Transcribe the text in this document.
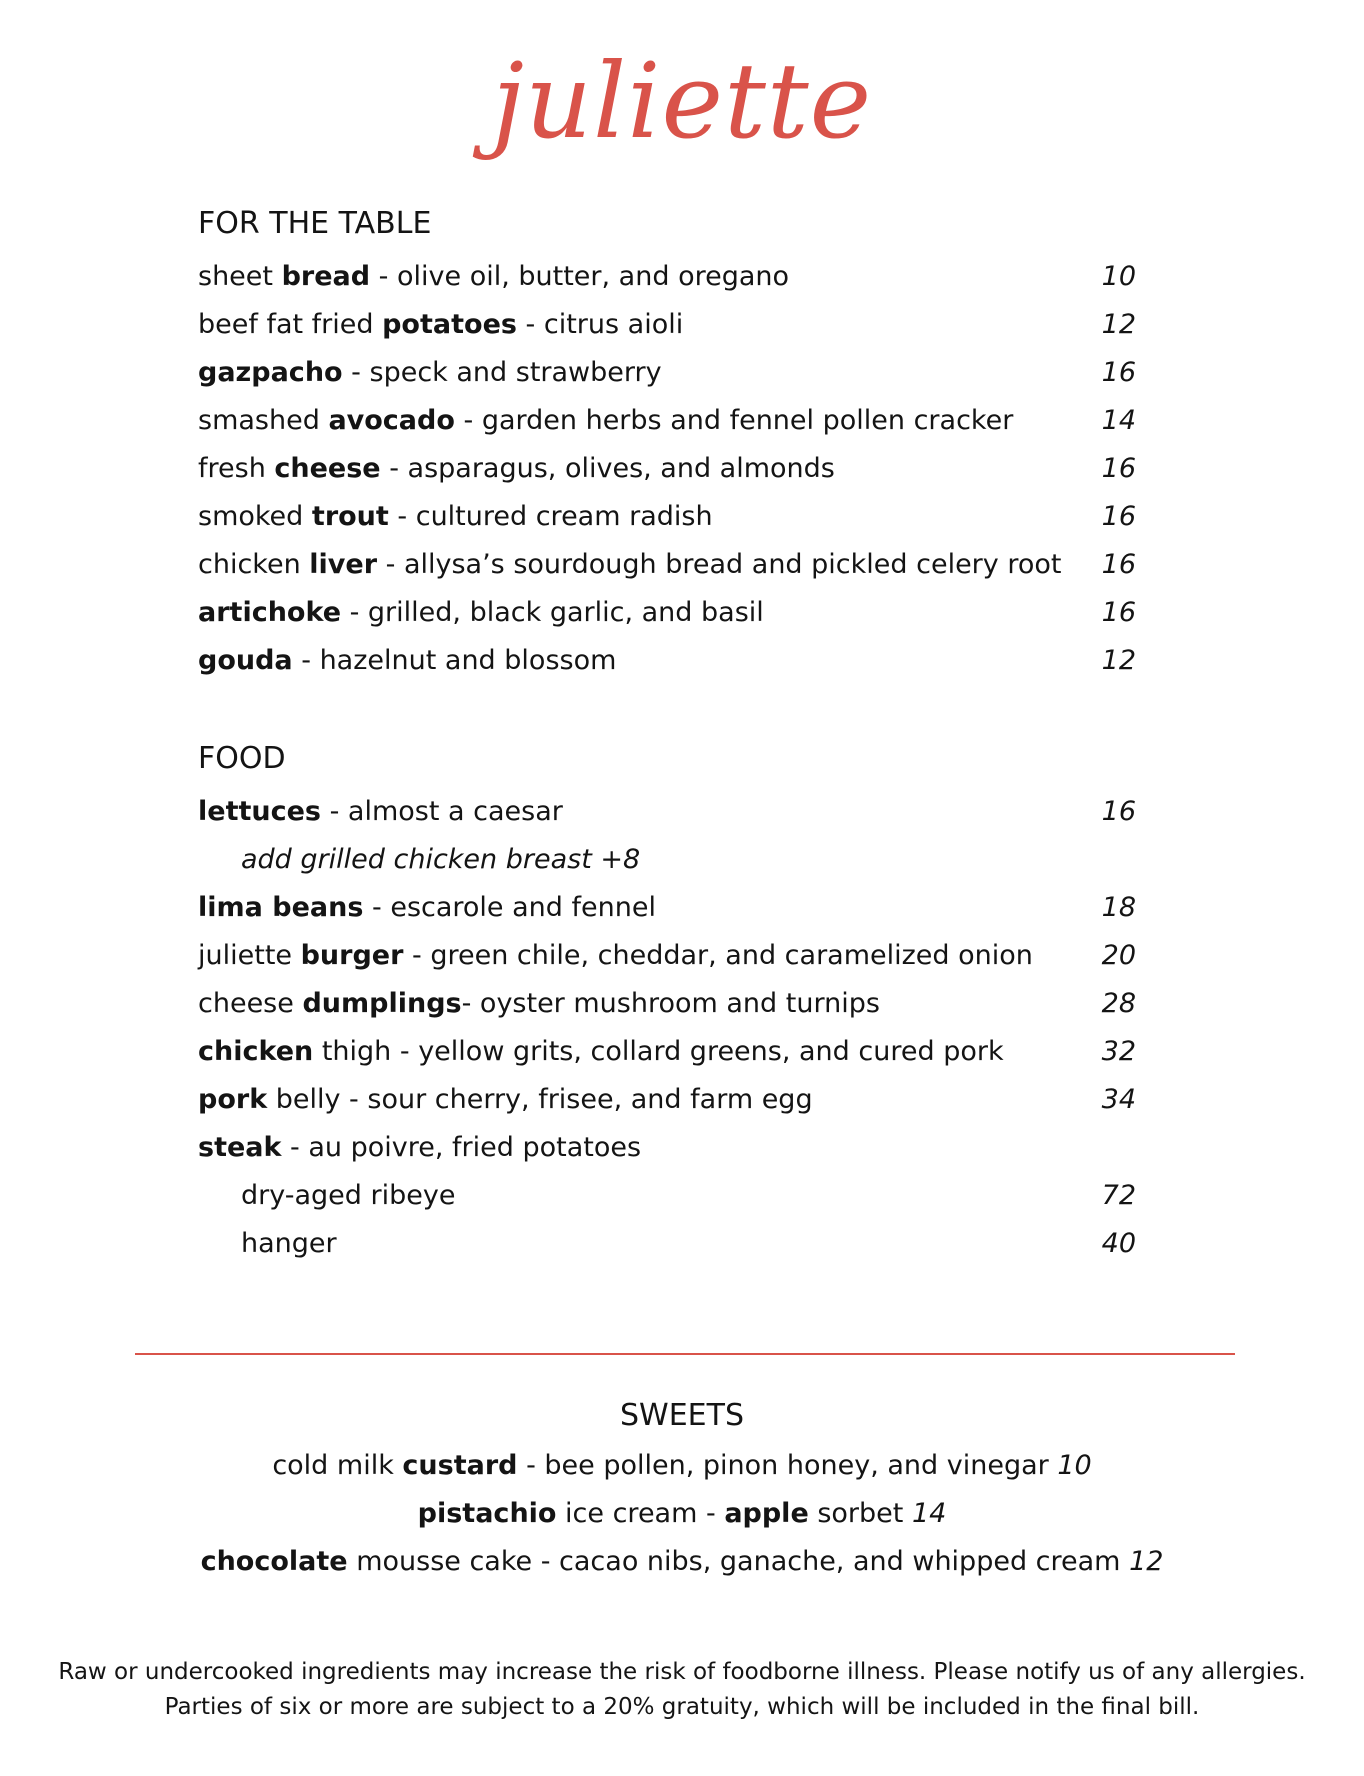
juliette
FOR THE TABLE
sheet bread - olive oil, butter, and oregano	10
beef fat fried potatoes - citrus aioli	12
gazpacho - speck and strawberry	16
smashed avocado - garden herbs and fennel pollen cracker	14
fresh cheese - asparagus, olives, and almonds	16
smoked trout - cultured cream radish	16
chicken liver - allysa’s sourdough bread and pickled celery root 16
artichoke - grilled, black garlic, and basil	16
gouda - hazelnut and blossom	12
FOOD
lettuces - almost a caesar	16
add grilled chicken breast +8
lima beans - escarole and fennel	18
juliette burger - green chile, cheddar, and caramelized onion	20
cheese dumplings- oyster mushroom and turnips	28
chicken thigh - yellow grits, collard greens, and cured pork	32
pork belly - sour cherry, frisee, and farm egg	34
steak - au poivre, fried potatoes
dry-aged ribeye	72
hanger	40
SWEETS
cold milk custard - bee pollen, pinon honey, and vinegar 10
pistachio ice cream - apple sorbet 14
chocolate mousse cake - cacao nibs, ganache, and whipped cream 12
Raw or undercooked ingredients may increase the risk of foodborne illness. Please notify us of any allergies.
Parties of six or more are subject to a 20% gratuity, which will be included in the final bill.
